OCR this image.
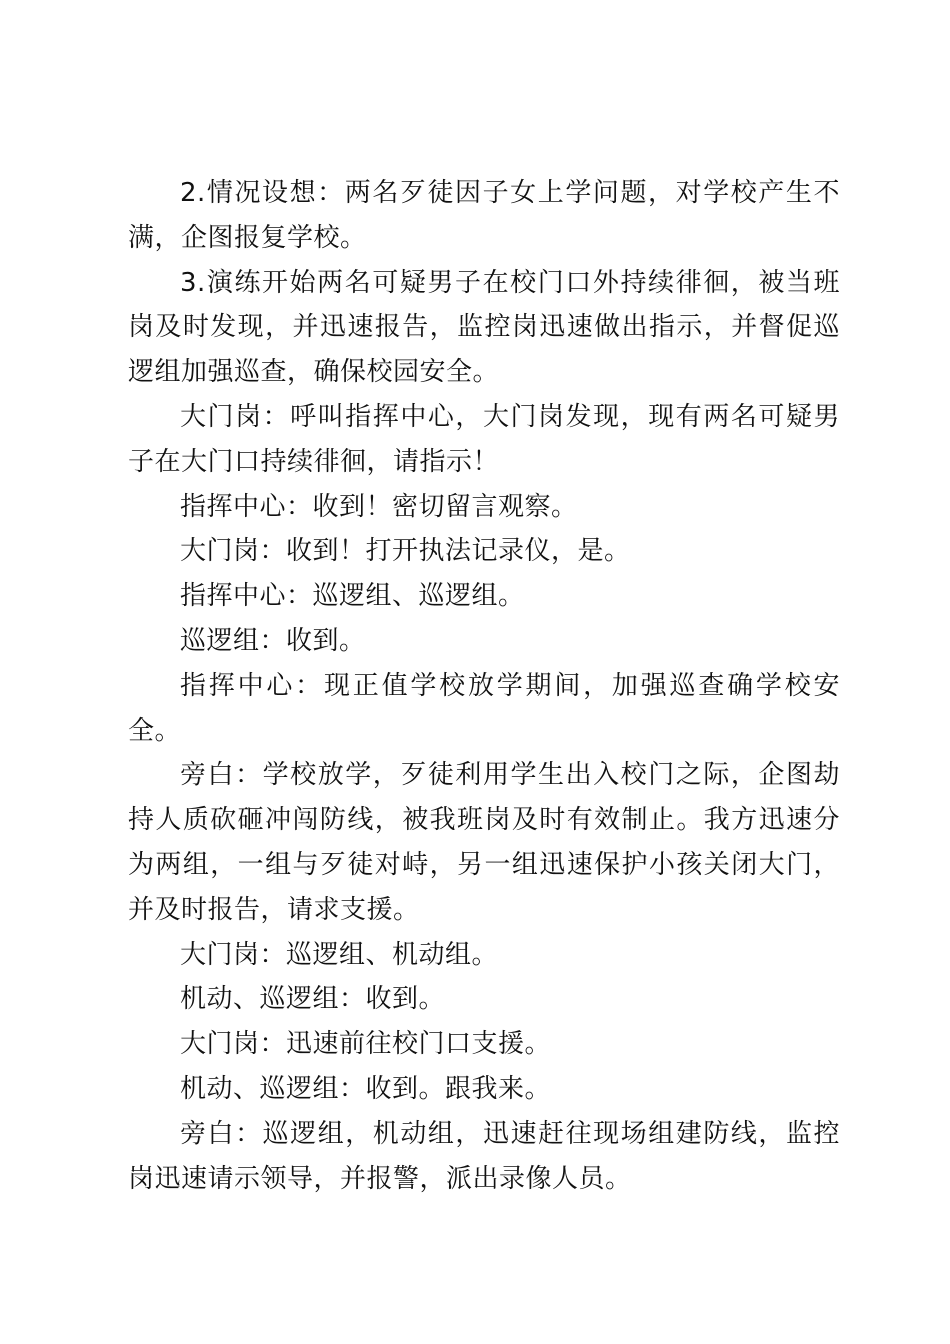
2.情况设想：两名歹徒因子女上学问题，对学校产生不满，企图报复学校。

3.演练开始两名可疑男子在校门口外持续徘徊，被当班岗及时发现，并迅速报告，监控岗迅速做出指示，并督促巡逻组加强巡查，确保校园安全。

大门岗：呼叫指挥中心，大门岗发现，现有两名可疑男子在大门口持续徘徊，请指示！

指挥中心：收到！密切留言观察。

大门岗：收到！打开执法记录仪，是。

指挥中心：巡逻组、巡逻组。

巡逻组：收到。

指挥中心：现正值学校放学期间，加强巡查确学校安全。

旁白：学校放学，歹徒利用学生出入校门之际，企图劫持人质砍砸冲闯防线，被我班岗及时有效制止。我方迅速分为两组，一组与歹徒对峙，另一组迅速保护小孩关闭大门，并及时报告，请求支援。

大门岗：巡逻组、机动组。

机动、巡逻组：收到。

大门岗：迅速前往校门口支援。

机动、巡逻组：收到。跟我来。

旁白：巡逻组，机动组，迅速赶往现场组建防线，监控岗迅速请示领导，并报警，派出录像人员。
